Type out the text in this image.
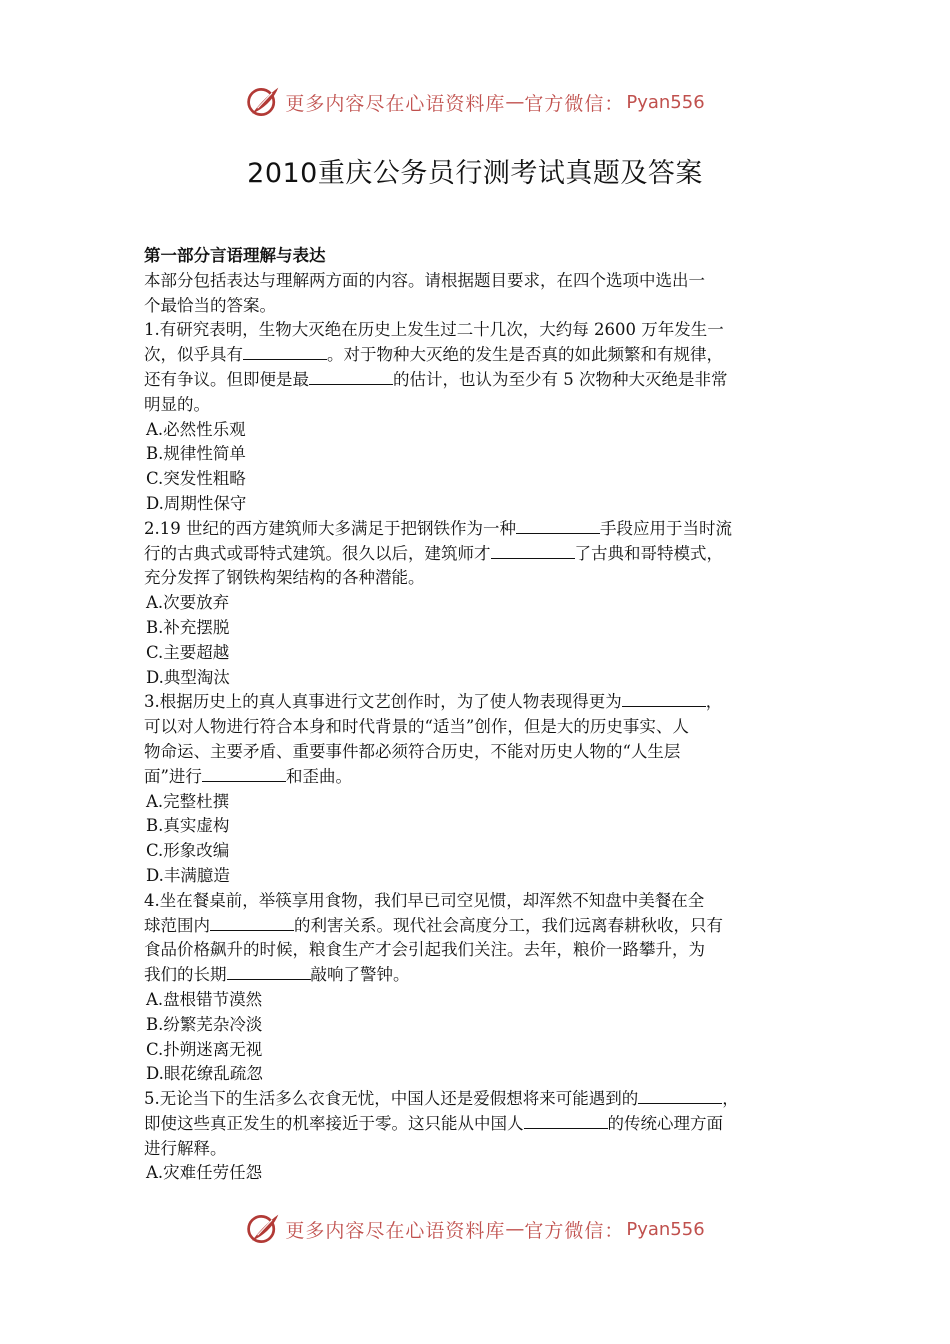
更多内容尽在心语资料库 — 官方微信： Pyan556
2010重庆公务员行测考试真题及答案
第一部分言语理解与表达
本部分包括表达与理解两方面的内容。请根据题目要求，在四个选项中选出一
个最恰当的答案。
1.有研究表明，生物大灭绝在历史上发生过二十几次，大约每 2600 万年发生一
次，似乎具有	。对于物种大灭绝的发生是否真的如此频繁和有规律，
还有争议。但即便是最	的估计，也认为至少有 5 次物种大灭绝是非常
明显的。
A.必然性乐观
B.规律性简单
C.突发性粗略
D.周期性保守
2.19 世纪的西方建筑师大多满足于把钢铁作为一种	手段应用于当时流
行的古典式或哥特式建筑。很久以后，建筑师才	了古典和哥特模式，
充分发挥了钢铁构架结构的各种潜能。
A.次要放弃
B.补充摆脱
C.主要超越
D.典型淘汰
3.根据历史上的真人真事进行文艺创作时，为了使人物表现得更为	，
可以对人物进行符合本身和时代背景的“适当”创作，但是大的历史事实、人
物命运、主要矛盾、重要事件都必须符合历史，不能对历史人物的“人生层
面”进行	和歪曲。
A.完整杜撰
B.真实虚构
C.形象改编
D.丰满臆造
4.坐在餐桌前，举筷享用食物，我们早已司空见惯，却浑然不知盘中美餐在全
球范围内	的利害关系。现代社会高度分工，我们远离春耕秋收，只有
食品价格飙升的时候，粮食生产才会引起我们关注。去年，粮价一路攀升，为
我们的长期	敲响了警钟。
A.盘根错节漠然
B.纷繁芜杂冷淡
C.扑朔迷离无视
D.眼花缭乱疏忽
5.无论当下的生活多么衣食无忧，中国人还是爱假想将来可能遇到的	，
即使这些真正发生的机率接近于零。这只能从中国人	的传统心理方面
进行解释。
A.灾难任劳任怨
更多内容尽在心语资料库 — 官方微信： Pyan556
